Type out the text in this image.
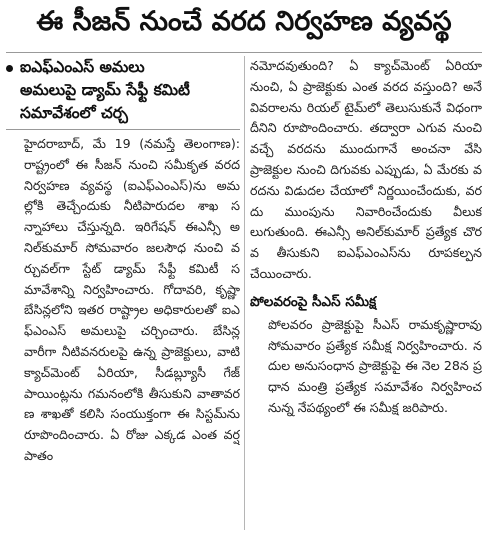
ఈ సీజన్ నుంచే వరద నిర్వహణ వ్యవస్థ
ఐఎఫ్ఎంఎస్ అమలు
అమలుపై డ్యామ్ సేఫ్టీ కమిటీ
సమావేశంలో చర్చ

హైదరాబాద్, మే 19 (నమస్తే తెలంగాణ): రాష్ట్రంలో ఈ సీజన్ నుంచి సమీకృత వరద నిర్వహణ వ్యవస్థ (ఐఎఫ్ఎంఎస్)ను అమల్లోకి తెచ్చేందుకు నీటిపారుదల శాఖ సన్నాహాలు చేస్తున్నది. ఇరిగేషన్ ఈఎన్సీ అనిల్‌కుమార్ సోమవారం జలసౌధ నుంచి వర్చువల్‌గా స్టేట్ డ్యామ్ సేఫ్టీ కమిటీ సమావేశాన్ని నిర్వహించారు. గోదావరి, కృష్ణా బేసిన్లలోని ఇతర రాష్ట్రాల అధికారులతో ఐఎఫ్ఎంఎస్ అమలుపై చర్చించారు. బేసిన్ల వారీగా నీటివనరులపై ఉన్న ప్రాజెక్టులు, వాటి క్యాచ్‌మెంట్ ఏరియా, సీడబ్ల్యూసీ గేజ్ పాయింట్లను గమనంలోకి తీసుకుని వాతావరణ శాఖతో కలిసి సంయుక్తంగా ఈ సిస్టమ్‌ను రూపొందించారు. ఏ రోజు ఎక్కడ ఎంత వర్షపాతం

నమోదవుతుంది? ఏ క్యాచ్‌మెంట్ ఏరియా నుంచి, ఏ ప్రాజెక్టుకు ఎంత వరద వస్తుంది? అనే వివరాలను రియల్ టైమ్‌లో తెలుసుకునే విధంగా దీనిని రూపొందించారు. తద్వారా ఎగువ నుంచి వచ్చే వరదను ముందుగానే అంచనా వేసి ప్రాజెక్టుల నుంచి దిగువకు ఎప్పుడు, ఏ మేరకు వరదను విడుదల చేయాలో నిర్ణయించేందుకు, వరదు ముంపును నివారించేందుకు వీలుకలుగుతుంది. ఈఎన్సీ అనిల్‌కుమార్ ప్రత్యేక చొరవ తీసుకుని ఐఎఫ్ఎంఎస్‌ను రూపకల్పన చేయించారు.

పోలవరంపై సీఎస్ సమీక్ష

పోలవరం ప్రాజెక్టుపై సీఎస్ రామకృష్ణారావు సోమవారం ప్రత్యేక సమీక్ష నిర్వహించారు. నదుల అనుసంధాన ప్రాజెక్టుపై ఈ నెల 28న ప్రధాన మంత్రి ప్రత్యేక సమావేశం నిర్వహించనున్న నేపథ్యంలో ఈ సమీక్ష జరిపారు.
